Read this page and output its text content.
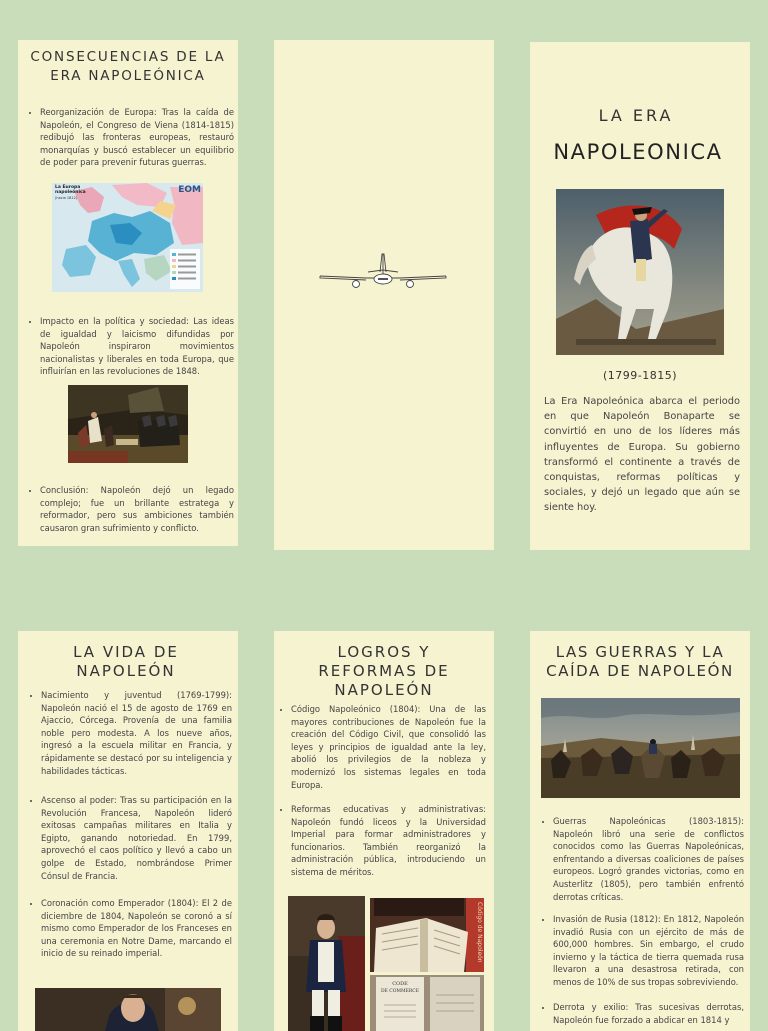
CONSECUENCIAS DE LA
ERA NAPOLEÓNICA
• Reorganización de Europa: Tras la caída de Napoleón, el Congreso de Viena (1814-1815) redibujó las fronteras europeas, restauró monarquías y buscó establecer un equilibrio de poder para prevenir futuras guerras.
La Europa napoleónica
(hacia 1812)
EOM
• Impacto en la política y sociedad: Las ideas de igualdad y laicismo difundidas por Napoleón inspiraron movimientos nacionalistas y liberales en toda Europa, que influirían en las revoluciones de 1848.
• Conclusión: Napoleón dejó un legado complejo; fue un brillante estratega y reformador, pero sus ambiciones también causaron gran sufrimiento y conflicto.
LA ERA
NAPOLEONICA
(1799-1815)
La Era Napoleónica abarca el periodo en que Napoleón Bonaparte se convirtió en uno de los líderes más influyentes de Europa. Su gobierno transformó el continente a través de conquistas, reformas políticas y sociales, y dejó un legado que aún se siente hoy.
LA VIDA DE
NAPOLEÓN
• Nacimiento y juventud (1769-1799): Napoleón nació el 15 de agosto de 1769 en Ajaccio, Córcega. Provenía de una familia noble pero modesta. A los nueve años, ingresó a la escuela militar en Francia, y rápidamente se destacó por su inteligencia y habilidades tácticas.
• Ascenso al poder: Tras su participación en la Revolución Francesa, Napoleón lideró exitosas campañas militares en Italia y Egipto, ganando notoriedad. En 1799, aprovechó el caos político y llevó a cabo un golpe de Estado, nombrándose Primer Cónsul de Francia.
• Coronación como Emperador (1804): El 2 de diciembre de 1804, Napoleón se coronó a sí mismo como Emperador de los Franceses en una ceremonia en Notre Dame, marcando el inicio de su reinado imperial.
LOGROS Y
REFORMAS DE
NAPOLEÓN
• Código Napoleónico (1804): Una de las mayores contribuciones de Napoleón fue la creación del Código Civil, que consolidó las leyes y principios de igualdad ante la ley, abolió los privilegios de la nobleza y modernizó los sistemas legales en toda Europa.
• Reformas educativas y administrativas: Napoleón fundó liceos y la Universidad Imperial para formar administradores y funcionarios. También reorganizó la administración pública, introduciendo un sistema de méritos.
Código de Napoleón
CODE
DE COMMERCE
LAS GUERRAS Y LA
CAÍDA DE NAPOLEÓN
• Guerras Napoleónicas (1803-1815): Napoleón libró una serie de conflictos conocidos como las Guerras Napoleónicas, enfrentando a diversas coaliciones de países europeos. Logró grandes victorias, como en Austerlitz (1805), pero también enfrentó derrotas críticas.
• Invasión de Rusia (1812): En 1812, Napoleón invadió Rusia con un ejército de más de 600,000 hombres. Sin embargo, el crudo invierno y la táctica de tierra quemada rusa llevaron a una desastrosa retirada, con menos de 10% de sus tropas sobreviviendo.
• Derrota y exilio: Tras sucesivas derrotas, Napoleón fue forzado a abdicar en 1814 y
